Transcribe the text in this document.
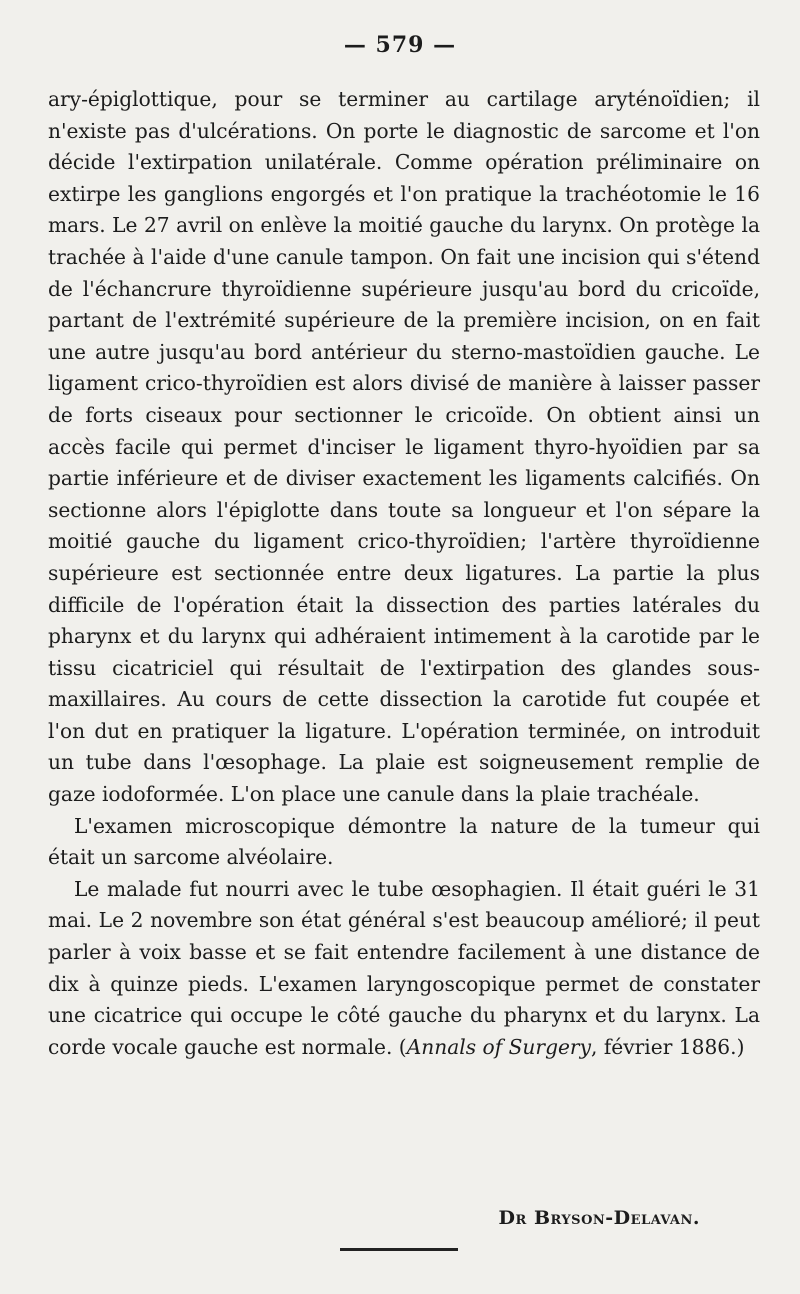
— 579 —

ary-épiglottique, pour se terminer au cartilage aryténoïdien; il n'existe pas d'ulcérations. On porte le diagnostic de sarcome et l'on décide l'extirpation unilatérale. Comme opération préliminaire on extirpe les ganglions engorgés et l'on pratique la trachéotomie le 16 mars. Le 27 avril on enlève la moitié gauche du larynx. On protège la trachée à l'aide d'une canule tampon. On fait une incision qui s'étend de l'échancrure thyroïdienne supérieure jusqu'au bord du cricoïde, partant de l'extrémité supérieure de la première incision, on en fait une autre jusqu'au bord antérieur du sterno-mastoïdien gauche. Le ligament crico-thyroïdien est alors divisé de manière à laisser passer de forts ciseaux pour sectionner le cricoïde. On obtient ainsi un accès facile qui permet d'inciser le ligament thyro-hyoïdien par sa partie inférieure et de diviser exactement les ligaments calcifiés. On sectionne alors l'épiglotte dans toute sa longueur et l'on sépare la moitié gauche du ligament crico-thyroïdien; l'artère thyroïdienne supérieure est sectionnée entre deux ligatures. La partie la plus difficile de l'opération était la dissection des parties latérales du pharynx et du larynx qui adhéraient intimement à la carotide par le tissu cicatriciel qui résultait de l'extirpation des glandes sous-maxillaires. Au cours de cette dissection la carotide fut coupée et l'on dut en pratiquer la ligature. L'opération terminée, on introduit un tube dans l'œsophage. La plaie est soigneusement remplie de gaze iodoformée. L'on place une canule dans la plaie trachéale.

L'examen microscopique démontre la nature de la tumeur qui était un sarcome alvéolaire.

Le malade fut nourri avec le tube œsophagien. Il était guéri le 31 mai. Le 2 novembre son état général s'est beaucoup amélioré; il peut parler à voix basse et se fait entendre facilement à une distance de dix à quinze pieds. L'examen laryngoscopique permet de constater une cicatrice qui occupe le côté gauche du pharynx et du larynx. La corde vocale gauche est normale. (Annals of Surgery, février 1886.)

Dr Bryson-Delavan.
